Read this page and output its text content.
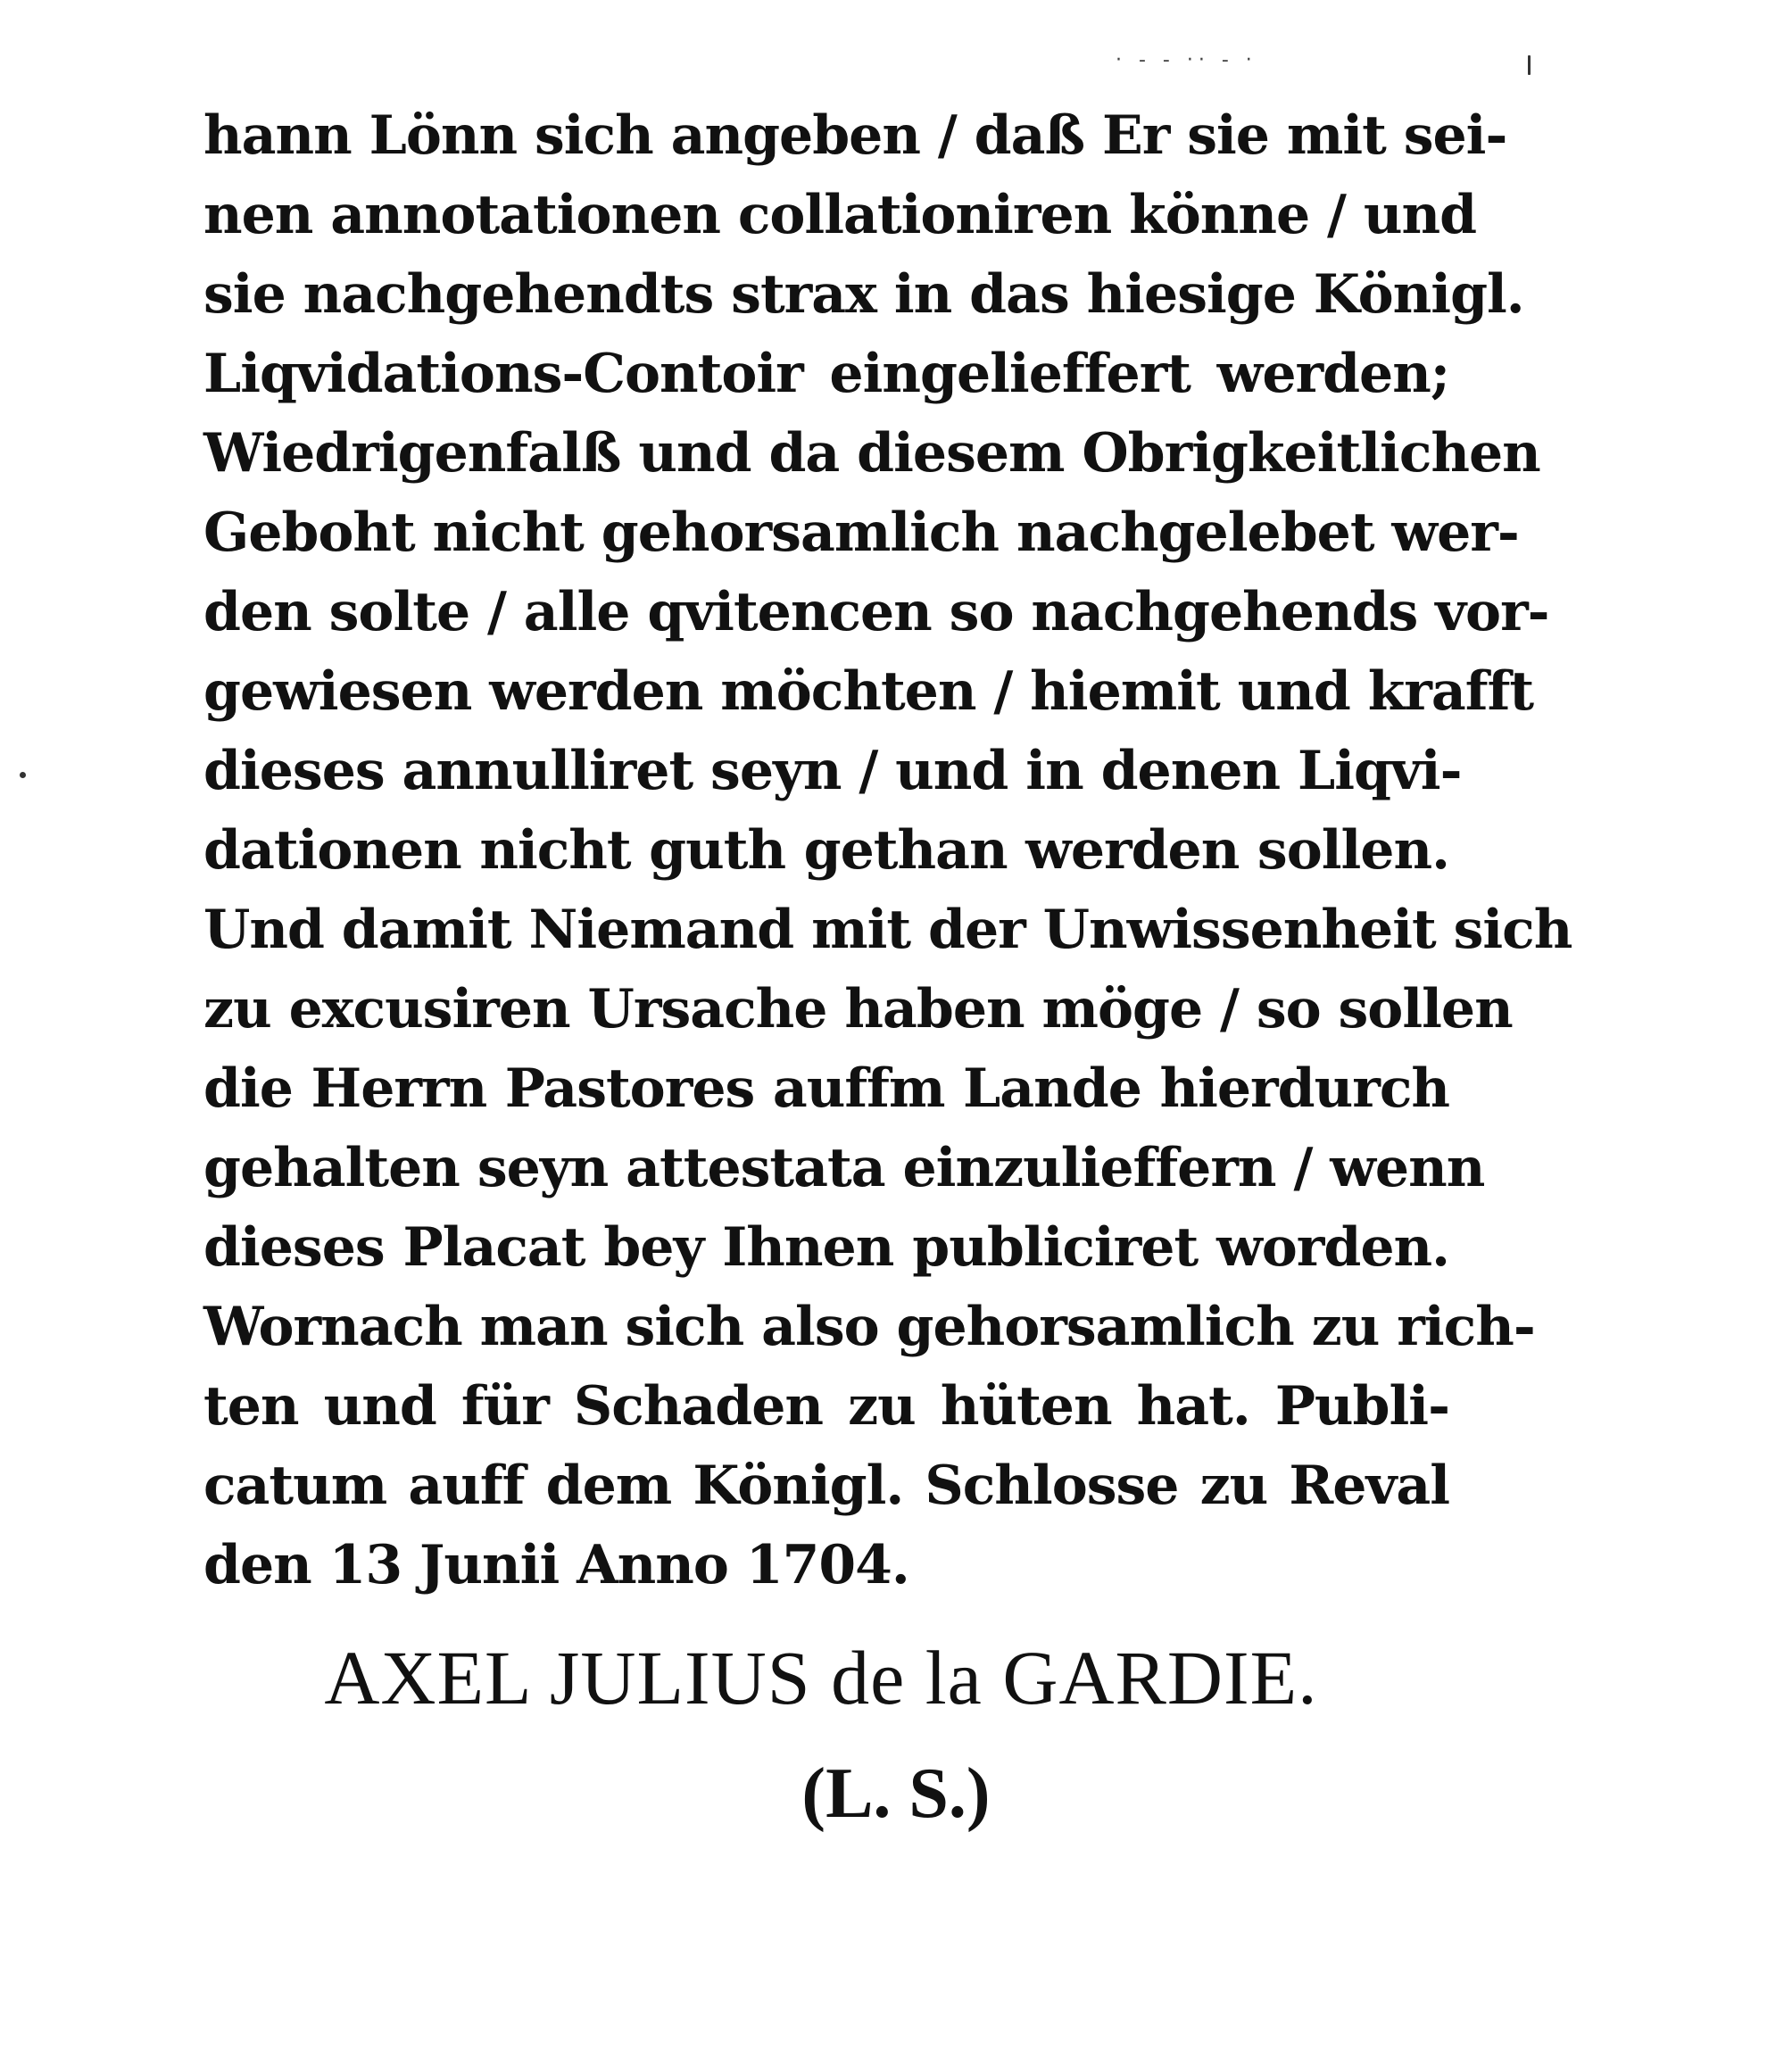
· ‐ ‐ ·· ‐ ·
hann Lönn sich angeben / daß Er sie mit sei-
nen annotationen collationiren könne / und
sie nachgehendts strax in das hiesige Königl.
Liqvidations-Contoir eingelieffert werden;
Wiedrigenfalß und da diesem Obrigkeitlichen
Geboht nicht gehorsamlich nachgelebet wer-
den solte / alle qvitencen so nachgehends vor-
gewiesen werden möchten / hiemit und krafft
dieses annulliret seyn / und in denen Liqvi-
dationen nicht guth gethan werden sollen.
Und damit Niemand mit der Unwissenheit sich
zu excusiren Ursache haben möge / so sollen
die Herrn Pastores auffm Lande hierdurch
gehalten seyn attestata einzulieffern / wenn
dieses Placat bey Ihnen publiciret worden.
Wornach man sich also gehorsamlich zu rich-
ten und für Schaden zu hüten hat. Publi-
catum auff dem Königl. Schlosse zu Reval
den 13 Junii Anno 1704.
AXEL JULIUS de la GARDIE.
(L. S.)
